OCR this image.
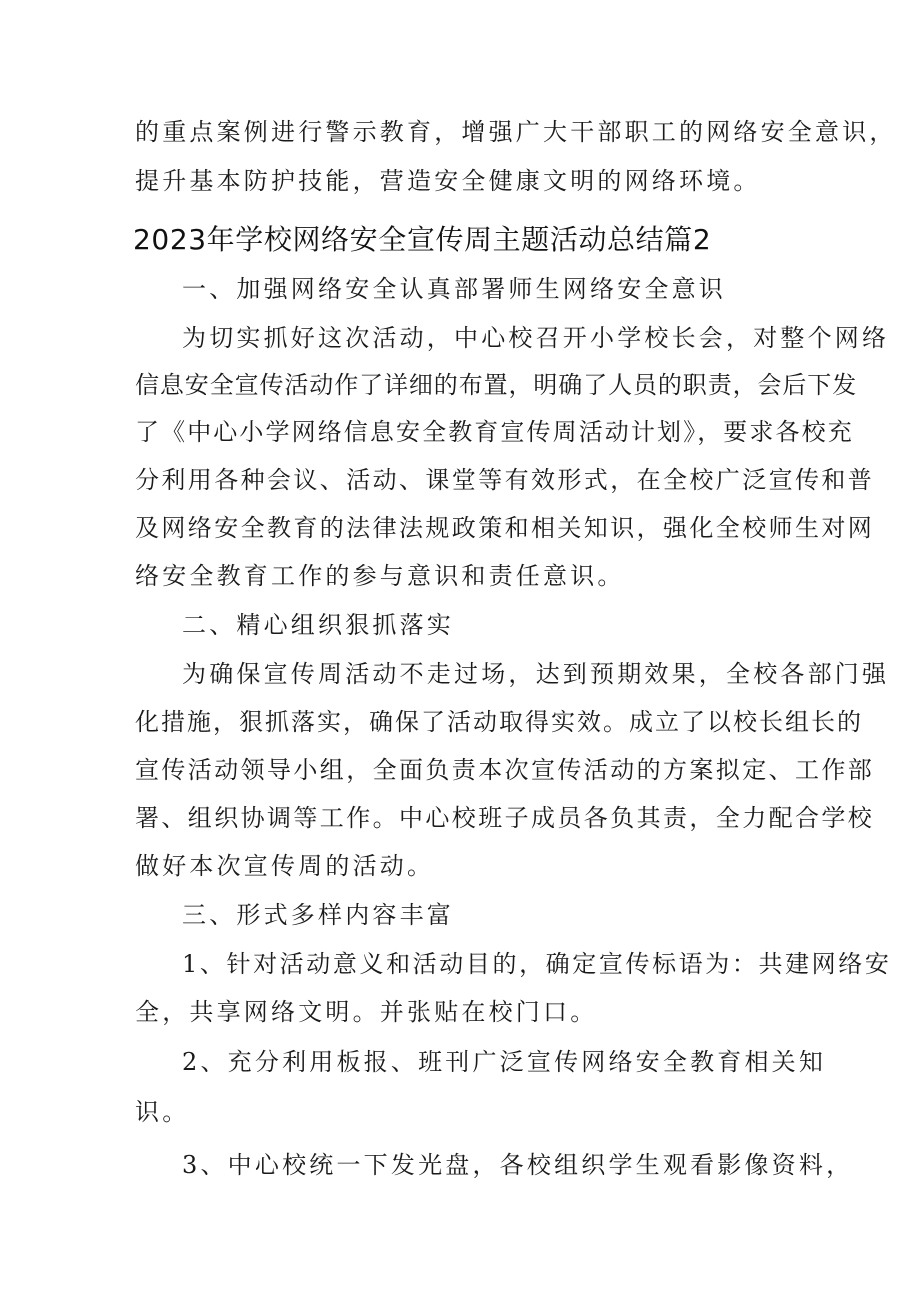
的重点案例进行警示教育，增强广大干部职工的网络安全意识，
提升基本防护技能，营造安全健康文明的网络环境。
2023年学校网络安全宣传周主题活动总结篇2
一、加强网络安全认真部署师生网络安全意识
为切实抓好这次活动，中心校召开小学校长会，对整个网络
信息安全宣传活动作了详细的布置，明确了人员的职责，会后下发
了《中心小学网络信息安全教育宣传周活动计划》，要求各校充
分利用各种会议、活动、课堂等有效形式，在全校广泛宣传和普
及网络安全教育的法律法规政策和相关知识，强化全校师生对网
络安全教育工作的参与意识和责任意识。
二、精心组织狠抓落实
为确保宣传周活动不走过场，达到预期效果，全校各部门强
化措施，狠抓落实，确保了活动取得实效。成立了以校长组长的
宣传活动领导小组，全面负责本次宣传活动的方案拟定、工作部
署、组织协调等工作。中心校班子成员各负其责，全力配合学校
做好本次宣传周的活动。
三、形式多样内容丰富
1、针对活动意义和活动目的，确定宣传标语为：共建网络安
全，共享网络文明。并张贴在校门口。
2、充分利用板报、班刊广泛宣传网络安全教育相关知
识。
3、中心校统一下发光盘，各校组织学生观看影像资料，
